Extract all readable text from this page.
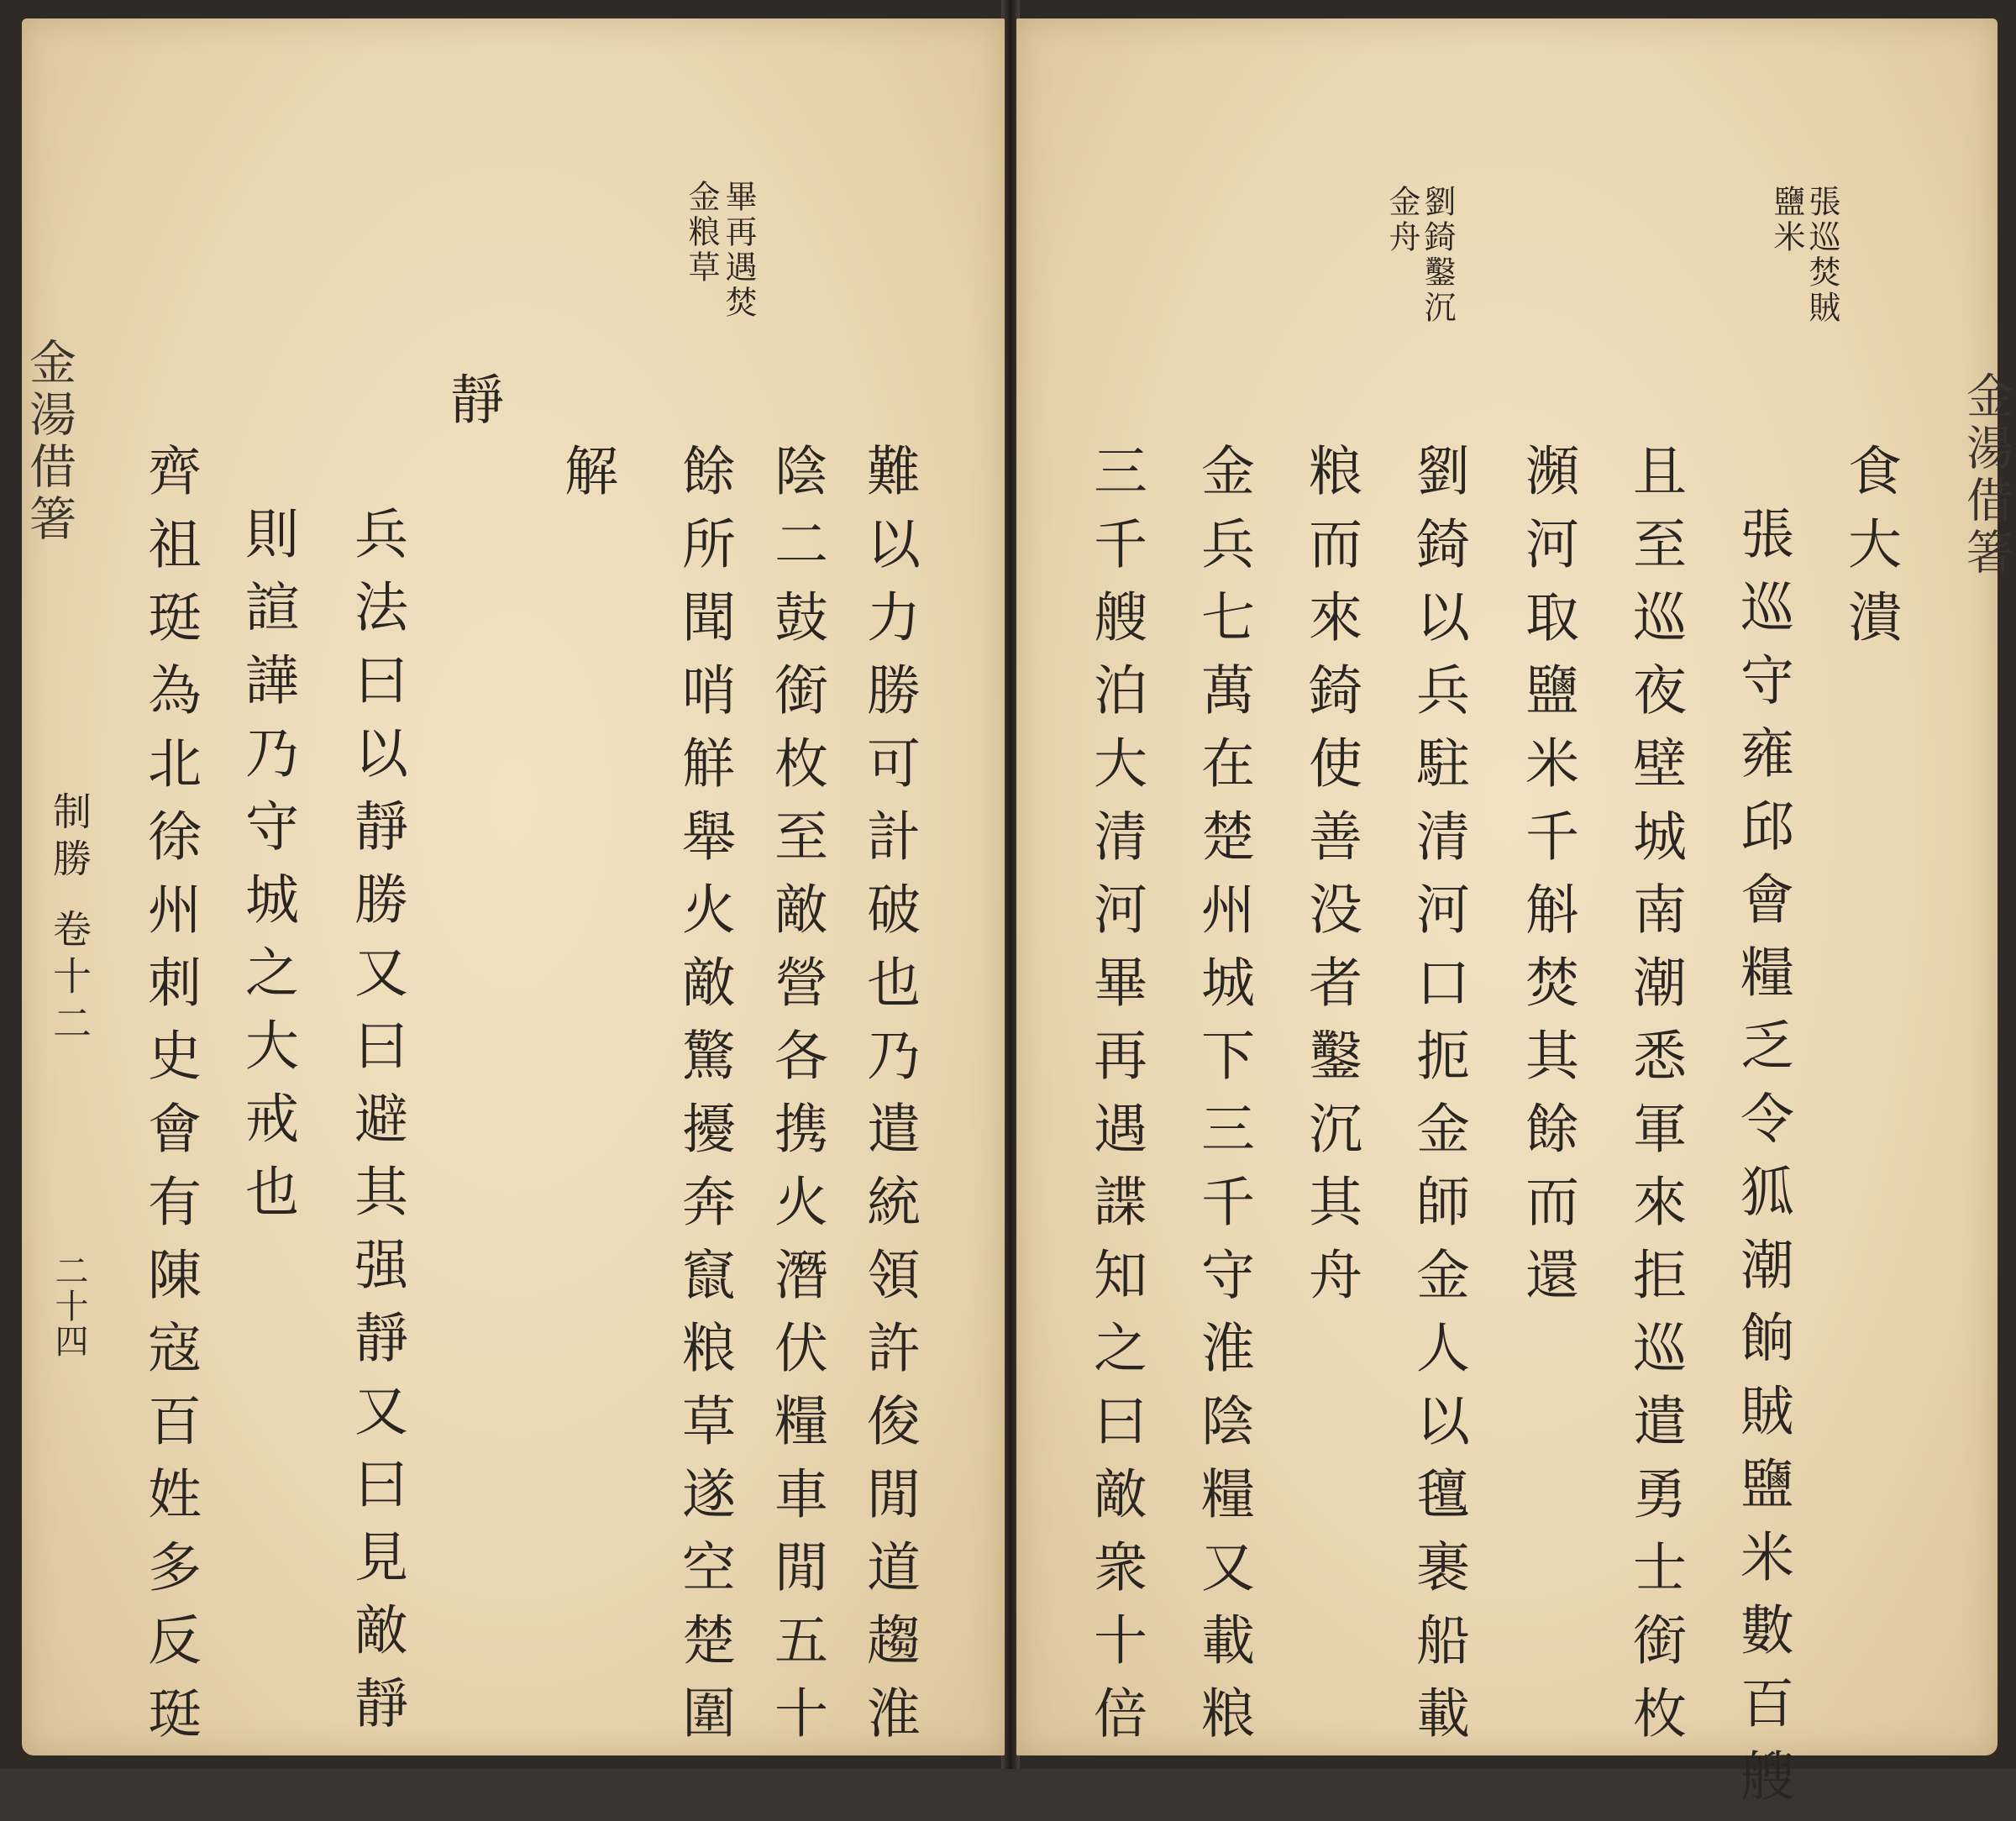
金湯借箸
制勝
卷十二
二十四
畢再遇焚
金粮草
難以力勝可計破也乃遣統領許俊閒道趨淮
陰二鼓銜枚至敵營各携火潛伏糧車閒五十
餘所聞哨觧舉火敵驚擾奔竄粮草遂空楚圍
解
靜
兵法曰以靜勝又曰避其强靜又曰見敵靜
則諠譁乃守城之大戒也
齊祖珽為北徐州刺史會有陳寇百姓多反珽	金湯借箸
張巡焚賊
鹽米
劉錡鑿沉
金舟
食大潰
張巡守雍邱會糧乏令狐潮餉賊鹽米數百艘
且至巡夜壁城南潮悉軍來拒巡遣勇士銜枚
瀕河取鹽米千斛焚其餘而還
劉錡以兵駐清河口扼金師金人以氊裹船載
粮而來錡使善没者鑿沉其舟
金兵七萬在楚州城下三千守淮陰糧又載粮
三千艘泊大清河畢再遇諜知之曰敵衆十倍
